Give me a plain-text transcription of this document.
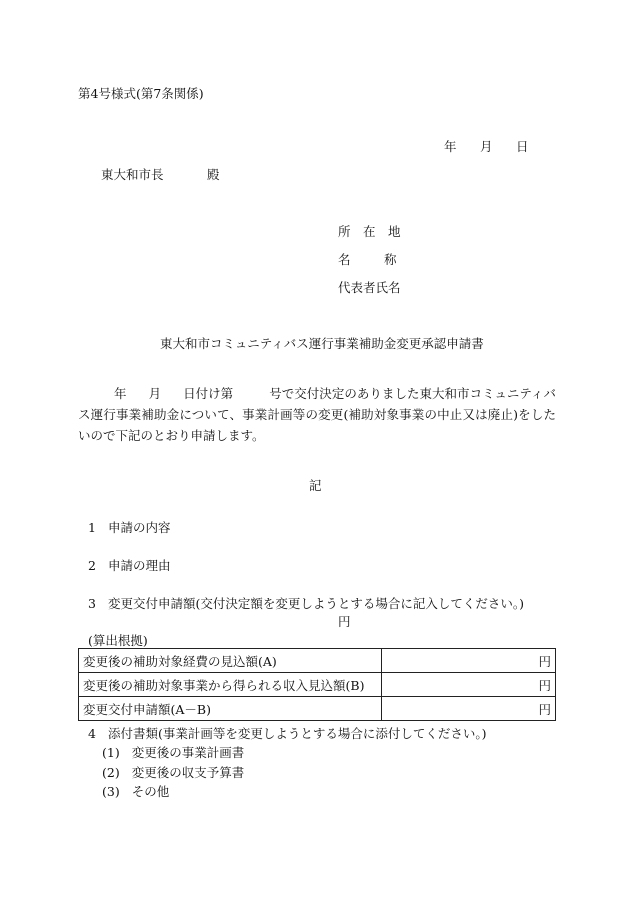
第4号様式(第7条関係)
年 月 日
東大和市長	殿
所　在　地
名	称
代表者氏名
東大和市コミュニティバス運行事業補助金変更承認申請書
年 月 日付け第	号で交付決定のありました東大和市コミュニティバス運行事業補助金について、事業計画等の変更(補助対象事業の中止又は廃止)をしたいので下記のとおり申請します。
記
1 申請の内容
2 申請の理由
3 変更交付申請額(交付決定額を変更しようとする場合に記入してください。)
円
(算出根拠)
変更後の補助対象経費の見込額(A)	円
変更後の補助対象事業から得られる収入見込額(B)	円
変更交付申請額(A－B)	円
4 添付書類(事業計画等を変更しようとする場合に添付してください。)
(1) 変更後の事業計画書
(2) 変更後の収支予算書
(3) その他
